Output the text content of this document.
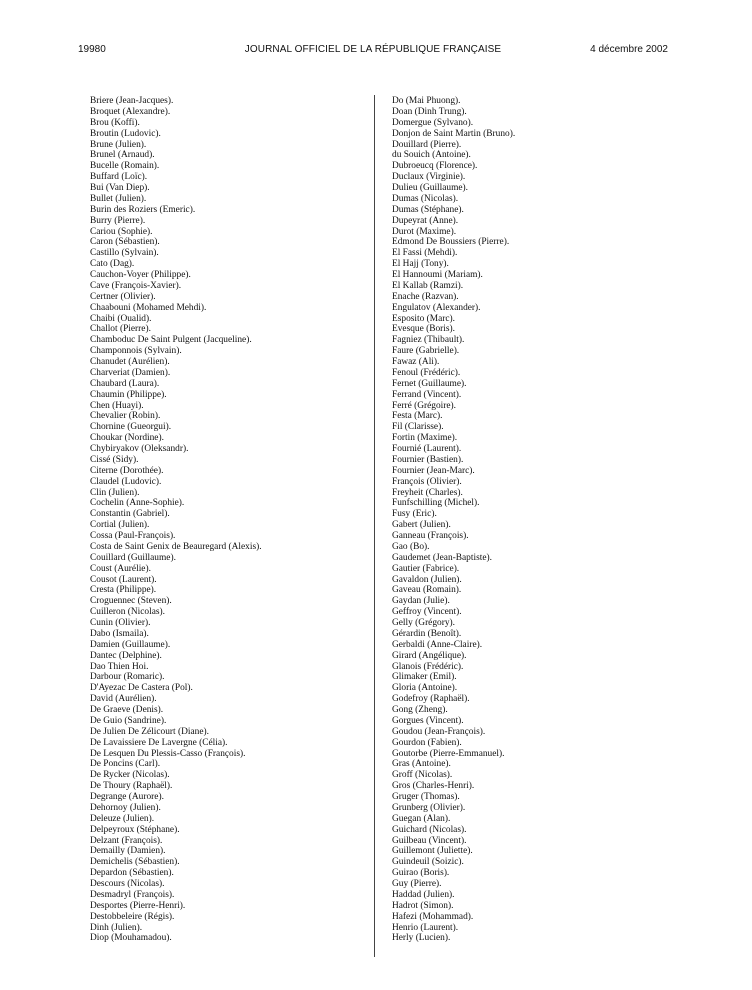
19980	JOURNAL OFFICIEL DE LA RÉPUBLIQUE FRANÇAISE	4 décembre 2002
Briere (Jean-Jacques).
Broquet (Alexandre).
Brou (Koffi).
Broutin (Ludovic).
Brune (Julien).
Brunel (Arnaud).
Bucelle (Romain).
Buffard (Loïc).
Bui (Van Diep).
Bullet (Julien).
Burin des Roziers (Emeric).
Burry (Pierre).
Cariou (Sophie).
Caron (Sébastien).
Castillo (Sylvain).
Cato (Dag).
Cauchon-Voyer (Philippe).
Cave (François-Xavier).
Certner (Olivier).
Chaabouni (Mohamed Mehdi).
Chaibi (Oualid).
Challot (Pierre).
Chamboduc De Saint Pulgent (Jacqueline).
Champonnois (Sylvain).
Chanudet (Aurélien).
Charveriat (Damien).
Chaubard (Laura).
Chaumin (Philippe).
Chen (Huayi).
Chevalier (Robin).
Chornine (Gueorgui).
Choukar (Nordine).
Chybiryakov (Oleksandr).
Cissé (Sidy).
Citerne (Dorothée).
Claudel (Ludovic).
Clin (Julien).
Cochelin (Anne-Sophie).
Constantin (Gabriel).
Cortial (Julien).
Cossa (Paul-François).
Costa de Saint Genix de Beauregard (Alexis).
Couillard (Guillaume).
Coust (Aurélie).
Cousot (Laurent).
Cresta (Philippe).
Croguennec (Steven).
Cuilleron (Nicolas).
Cunin (Olivier).
Dabo (Ismaila).
Damien (Guillaume).
Dantec (Delphine).
Dao Thien Hoi.
Darbour (Romaric).
D'Ayezac De Castera (Pol).
David (Aurélien).
De Graeve (Denis).
De Guio (Sandrine).
De Julien De Zélicourt (Diane).
De Lavaissiere De Lavergne (Célia).
De Lesquen Du Plessis-Casso (François).
De Poncins (Carl).
De Rycker (Nicolas).
De Thoury (Raphaël).
Degrange (Aurore).
Dehornoy (Julien).
Deleuze (Julien).
Delpeyroux (Stéphane).
Delzant (François).
Demailly (Damien).
Demichelis (Sébastien).
Depardon (Sébastien).
Descours (Nicolas).
Desmadryl (François).
Desportes (Pierre-Henri).
Destobbeleire (Régis).
Dinh (Julien).
Diop (Mouhamadou).
Do (Mai Phuong).
Doan (Dinh Trung).
Domergue (Sylvano).
Donjon de Saint Martin (Bruno).
Douillard (Pierre).
du Souich (Antoine).
Dubroeucq (Florence).
Duclaux (Virginie).
Dulieu (Guillaume).
Dumas (Nicolas).
Dumas (Stéphane).
Dupeyrat (Anne).
Durot (Maxime).
Edmond De Boussiers (Pierre).
El Fassi (Mehdi).
El Hajj (Tony).
El Hannoumi (Mariam).
El Kallab (Ramzi).
Enache (Razvan).
Engulatov (Alexander).
Esposito (Marc).
Evesque (Boris).
Fagniez (Thibault).
Faure (Gabrielle).
Fawaz (Ali).
Fenoul (Frédéric).
Fernet (Guillaume).
Ferrand (Vincent).
Ferré (Grégoire).
Festa (Marc).
Fil (Clarisse).
Fortin (Maxime).
Fournié (Laurent).
Fournier (Bastien).
Fournier (Jean-Marc).
François (Olivier).
Freyheit (Charles).
Funfschilling (Michel).
Fusy (Eric).
Gabert (Julien).
Ganneau (François).
Gao (Bo).
Gaudemet (Jean-Baptiste).
Gautier (Fabrice).
Gavaldon (Julien).
Gaveau (Romain).
Gaydan (Julie).
Geffroy (Vincent).
Gelly (Grégory).
Gérardin (Benoît).
Gerbaldi (Anne-Claire).
Girard (Angélique).
Glanois (Frédéric).
Glimaker (Emil).
Gloria (Antoine).
Godefroy (Raphaël).
Gong (Zheng).
Gorgues (Vincent).
Goudou (Jean-François).
Gourdon (Fabien).
Goutorbe (Pierre-Emmanuel).
Gras (Antoine).
Groff (Nicolas).
Gros (Charles-Henri).
Gruger (Thomas).
Grunberg (Olivier).
Guegan (Alan).
Guichard (Nicolas).
Guilbeau (Vincent).
Guillemont (Juliette).
Guindeuil (Soizic).
Guirao (Boris).
Guy (Pierre).
Haddad (Julien).
Hadrot (Simon).
Hafezi (Mohammad).
Henrio (Laurent).
Herly (Lucien).
